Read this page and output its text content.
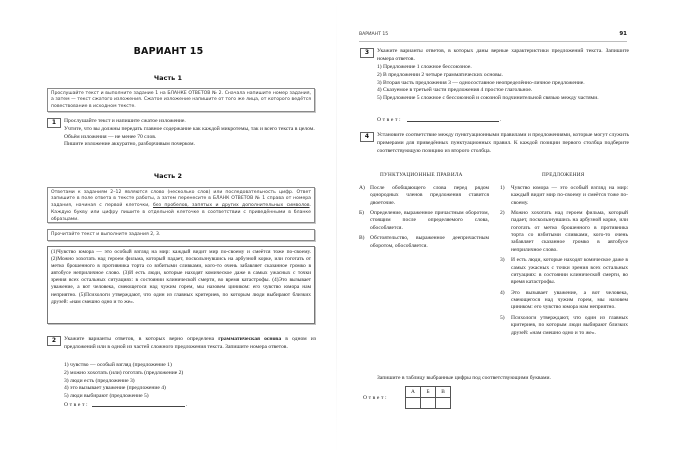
ВАРИАНТ 15
Часть 1
Прослушайте текст и выполните задание 1 на БЛАНКЕ ОТВЕТОВ № 2. Сначала напишите номер задания, а затем — текст сжатого изложения. Сжатое изложение напишите от того же лица, от которого ведётся повествование в исходном тексте.
1	Прослушайте текст и напишите сжатое изложение.
Учтите, что вы должны передать главное содержание как каждой микротемы, так и всего текста в целом.
Объём изложения — не менее 70 слов.
Пишите изложение аккуратно, разборчивым почерком.
Часть 2
Ответами к заданиям 2–12 являются слово (несколько слов) или последовательность цифр. Ответ запишите в поле ответа в тексте работы, а затем перенесите в БЛАНК ОТВЕТОВ № 1 справа от номера задания, начиная с первой клеточки, без пробелов, запятых и других дополнительных символов. Каждую букву или цифру пишите в отдельной клеточке в соответствии с приведёнными в бланке образцами.
Прочитайте текст и выполните задания 2, 3.
(1)Чувство юмора — это особый взгляд на мир: каждый видит мир по-своему и смеётся тоже по-своему. (2)Можно хохотать над героем фильма, который падает, поскользнувшись на арбузной корке, или гоготать от метко брошенного в противника торта со взбитыми сливками, кого-то очень забавляет сказанное громко в автобусе неприличное слово. (3)И есть люди, которые находят комическое даже в самых ужасных с точки зрения всех остальных ситуациях: в состоянии клинической смерти, во время катастрофы. (4)Это вызывает уважение, а вот человека, смеющегося над чужим горем, мы назовем циником: его чувство юмора нам неприятно. (5)Психологи утверждают, что один из главных критериев, по которым люди выбирают близких друзей: «нам смешно одно и то же».
2	Укажите варианты ответов, в которых верно определена грамматическая основа в одном из предложений или в одной из частей сложного предложения текста. Запишите номера ответов.
1) чувство — особый взгляд (предложение 1)
2) можно хохотать (или) гоготать (предложение 2)
3) люди есть (предложение 3)
4) это вызывает уважение (предложение 4)
5) люди выбирают (предложение 5)
Ответ:	.
ВАРИАНТ 15	91
3	Укажите варианты ответов, в которых даны верные характеристики предложений текста. Запишите номера ответов.
1) Предложение 1 сложное бессоюзное.
2) В предложении 2 четыре грамматических основы.
3) Вторая часть предложения 3 — односоставное неопределённо-личное предложение.
4) Сказуемое в третьей части предложения 4 простое глагольное.
5) Предложение 5 сложное с бессоюзной и союзной подчинительной связью между частями.
Ответ:	.
4	Установите соответствие между пунктуационными правилами и предложениями, которые могут служить примерами для приведённых пунктуационных правил. К каждой позиции первого столбца подберите соответствующую позицию из второго столбца.
ПУНКТУАЦИОННЫЕ ПРАВИЛА	ПРЕДЛОЖЕНИЯ
А) После обобщающего слова перед рядом однородных членов предложения ставится двоеточие.
Б)	Определение, выраженное причастным оборотом, стоящим после определяемого слова, обособляется.
В)	Обстоятельство, выраженное деепричастным оборотом, обособляется.
1)	Чувство юмора — это особый взгляд на мир: каждый видит мир по-своему и смеётся тоже по-своему.
2)	Можно хохотать над героем фильма, который падает, поскользнувшись на арбузной корке, или гоготать от метко брошенного в противника торта со взбитыми сливками, кого-то очень забавляет сказанное громко в автобусе неприличное слово.
3)	И есть люди, которые находят комическое даже в самых ужасных с точки зрения всех остальных ситуациях: в состоянии клинической смерти, во время катастрофы.
4)	Это вызывает уважение, а вот человека, смеющегося над чужим горем, мы назовем циником: его чувство юмора нам неприятно.
5)	Психологи утверждают, что один из главных критериев, по которым люди выбирают близких друзей: «нам смешно одно и то же».
Запишите в таблицу выбранные цифры под соответствующими буквами.
Ответ:
А	Б	В
